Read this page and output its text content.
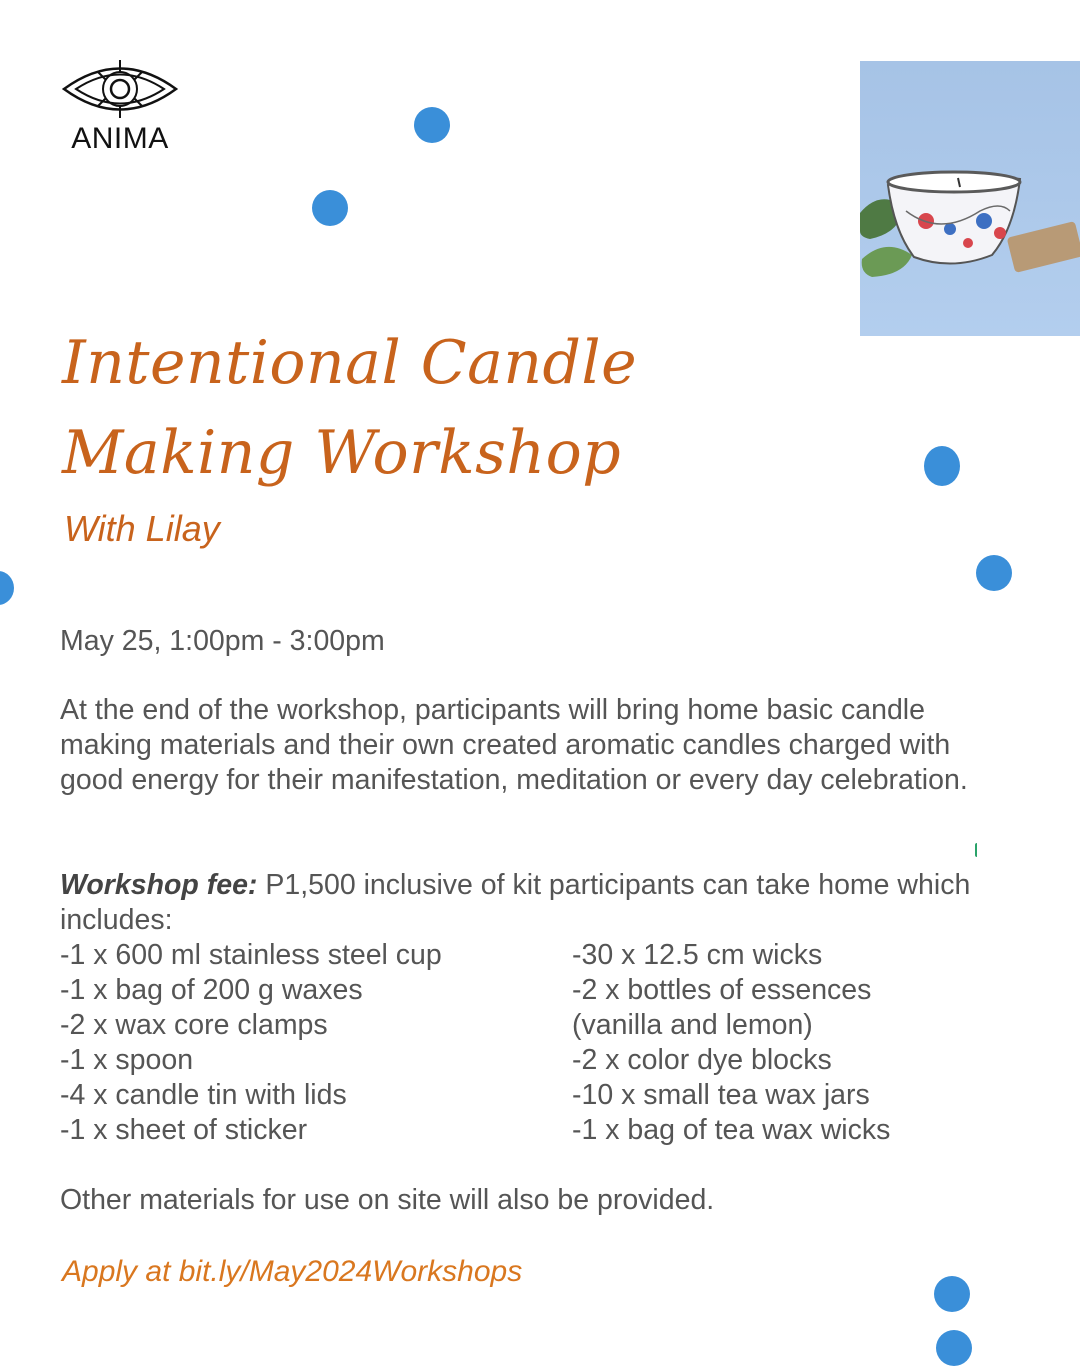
ANIMA
Intentional Candle
Making Workshop
With Lilay
May 25, 1:00pm - 3:00pm

At the end of the workshop, participants will bring home basic candle making materials and their own created aromatic candles charged with good energy for their manifestation, meditation or every day celebration.

Workshop fee: P1,500 inclusive of kit participants can take home which includes:

-1 x 600 ml stainless steel cup
-1 x bag of 200 g waxes
-2 x wax core clamps
-1 x spoon
-4 x candle tin with lids
-1 x sheet of sticker
-30 x 12.5 cm wicks
-2 x bottles of essences
(vanilla and lemon)
-2 x color dye blocks
-10 x small tea wax jars
-1 x bag of tea wax wicks
Other materials for use on site will also be provided.
Apply at bit.ly/May2024Workshops
